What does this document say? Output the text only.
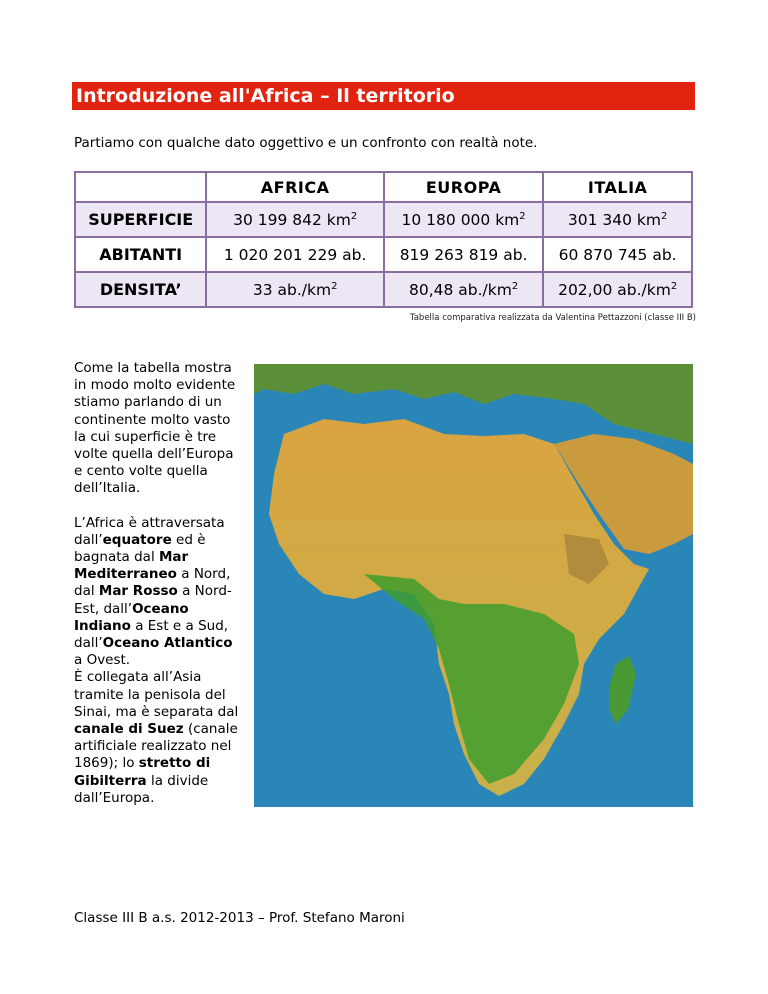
Introduzione all'Africa – Il territorio
Partiamo con qualche dato oggettivo e un confronto con realtà note.
	AFRICA	EUROPA	ITALIA
SUPERFICIE	30 199 842 $km^2$	10 180 000 $km^2$	301 340 $km^2$
ABITANTI	1 020 201 229 ab.	819 263 819 ab.	60 870 745 ab.
DENSITA’	33 $ab./km^2$	80,48 $ab./km^2$	202,00 $ab./km^2$
Tabella comparativa realizzata da Valentina Pettazzoni (classe III B)

Come la tabella mostra in modo molto evidente stiamo parlando di un continente molto vasto la cui superficie è tre volte quella dell’Europa e cento volte quella dell’Italia.

L’Africa è attraversata dall’equatore ed è bagnata dal Mar Mediterraneo a Nord, dal Mar Rosso a Nord-Est, dall’Oceano Indiano a Est e a Sud, dall’Oceano Atlantico a Ovest.
È collegata all’Asia tramite la penisola del Sinai, ma è separata dal canale di Suez (canale artificiale realizzato nel 1869); lo stretto di Gibilterra la divide dall’Europa.

Classe III B a.s. 2012-2013 – Prof. Stefano Maroni
